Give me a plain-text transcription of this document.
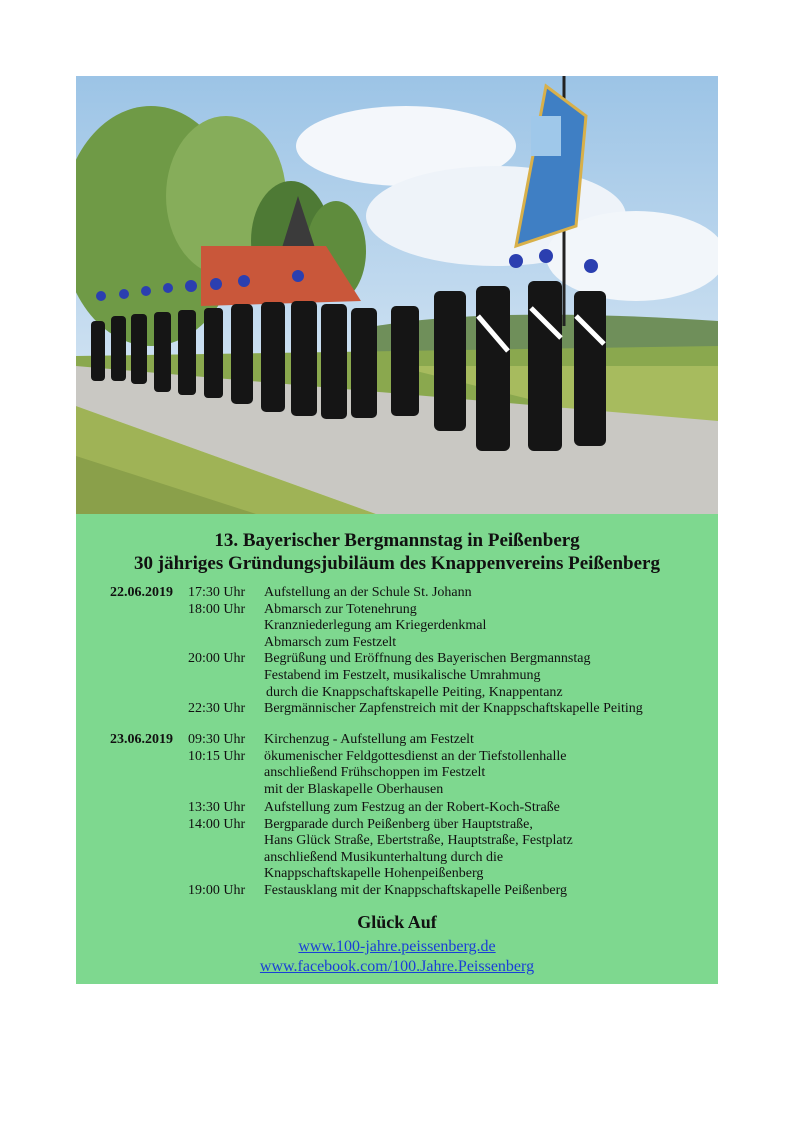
13. Bayerischer Bergmannstag in Peißenberg
30 jähriges Gründungsjubiläum des Knappenvereins Peißenberg
22.06.2019 17:30 Uhr Aufstellung an der Schule St. Johann
18:00 Uhr Abmarsch zur Totenehrung
Kranzniederlegung am Kriegerdenkmal
Abmarsch zum Festzelt
20:00 Uhr Begrüßung und Eröffnung des Bayerischen Bergmannstag
Festabend im Festzelt, musikalische Umrahmung
durch die Knappschaftskapelle Peiting, Knappentanz
22:30 Uhr Bergmännischer Zapfenstreich mit der Knappschaftskapelle Peiting
23.06.2019 09:30 Uhr Kirchenzug - Aufstellung am Festzelt
10:15 Uhr ökumenischer Feldgottesdienst an der Tiefstollenhalle
anschließend Frühschoppen im Festzelt
mit der Blaskapelle Oberhausen
13:30 Uhr Aufstellung zum Festzug an der Robert-Koch-Straße
14:00 Uhr Bergparade durch Peißenberg über Hauptstraße,
Hans Glück Straße, Ebertstraße, Hauptstraße, Festplatz
anschließend Musikunterhaltung durch die
Knappschaftskapelle Hohenpeißenberg
19:00 Uhr Festausklang mit der Knappschaftskapelle Peißenberg
Glück Auf
www.100-jahre.peissenberg.de
www.facebook.com/100.Jahre.Peissenberg
